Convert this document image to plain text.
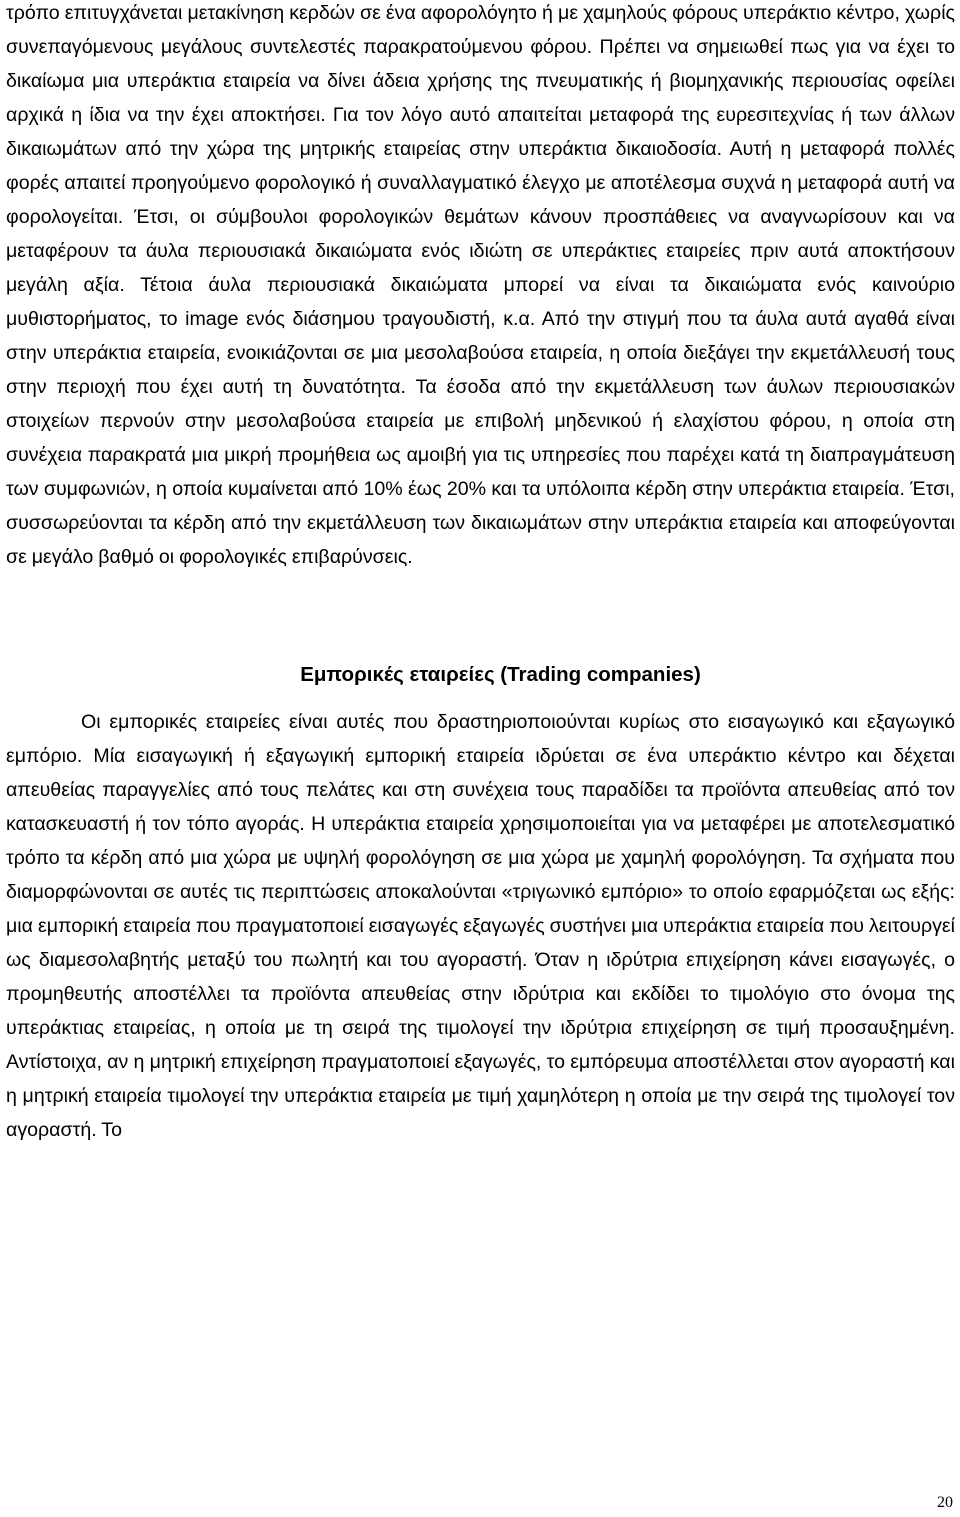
τρόπο επιτυγχάνεται μετακίνηση κερδών σε ένα αφορολόγητο ή με χαμηλούς φόρους υπεράκτιο κέντρο, χωρίς συνεπαγόμενους μεγάλους συντελεστές παρακρατούμενου φόρου. Πρέπει να σημειωθεί πως για να έχει το δικαίωμα μια υπεράκτια εταιρεία να δίνει άδεια χρήσης της πνευματικής ή βιομηχανικής περιουσίας οφείλει αρχικά η ίδια να την έχει αποκτήσει. Για τον λόγο αυτό απαιτείται μεταφορά της ευρεσιτεχνίας ή των άλλων δικαιωμάτων από την χώρα της μητρικής εταιρείας στην υπεράκτια δικαιοδοσία. Αυτή η μεταφορά πολλές φορές απαιτεί προηγούμενο φορολογικό ή συναλλαγματικό έλεγχο με αποτέλεσμα συχνά η μεταφορά αυτή να φορολογείται. Έτσι, οι σύμβουλοι φορολογικών θεμάτων κάνουν προσπάθειες να αναγνωρίσουν και να μεταφέρουν τα άυλα περιουσιακά δικαιώματα ενός ιδιώτη σε υπεράκτιες εταιρείες πριν αυτά αποκτήσουν μεγάλη αξία. Τέτοια άυλα περιουσιακά δικαιώματα μπορεί να είναι τα δικαιώματα ενός καινούριο μυθιστορήματος, το image ενός διάσημου τραγουδιστή, κ.α. Από την στιγμή που τα άυλα αυτά αγαθά είναι στην υπεράκτια εταιρεία, ενοικιάζονται σε μια μεσολαβούσα εταιρεία, η οποία διεξάγει την εκμετάλλευσή τους στην περιοχή που έχει αυτή τη δυνατότητα. Τα έσοδα από την εκμετάλλευση των άυλων περιουσιακών στοιχείων περνούν στην μεσολαβούσα εταιρεία με επιβολή μηδενικού ή ελαχίστου φόρου, η οποία στη συνέχεια παρακρατά μια μικρή προμήθεια ως αμοιβή για τις υπηρεσίες που παρέχει κατά τη διαπραγμάτευση των συμφωνιών, η οποία κυμαίνεται από 10% έως 20% και τα υπόλοιπα κέρδη στην υπεράκτια εταιρεία. Έτσι, συσσωρεύονται τα κέρδη από την εκμετάλλευση των δικαιωμάτων στην υπεράκτια εταιρεία και αποφεύγονται σε μεγάλο βαθμό οι φορολογικές επιβαρύνσεις.

Εμπορικές εταιρείες (Trading companies)

Οι εμπορικές εταιρείες είναι αυτές που δραστηριοποιούνται κυρίως στο εισαγωγικό και εξαγωγικό εμπόριο. Μία εισαγωγική ή εξαγωγική εμπορική εταιρεία ιδρύεται σε ένα υπεράκτιο κέντρο και δέχεται απευθείας παραγγελίες από τους πελάτες και στη συνέχεια τους παραδίδει τα προϊόντα απευθείας από τον κατασκευαστή ή τον τόπο αγοράς. Η υπεράκτια εταιρεία χρησιμοποιείται για να μεταφέρει με αποτελεσματικό τρόπο τα κέρδη από μια χώρα με υψηλή φορολόγηση σε μια χώρα με χαμηλή φορολόγηση. Τα σχήματα που διαμορφώνονται σε αυτές τις περιπτώσεις αποκαλούνται «τριγωνικό εμπόριο» το οποίο εφαρμόζεται ως εξής: μια εμπορική εταιρεία που πραγματοποιεί εισαγωγές εξαγωγές συστήνει μια υπεράκτια εταιρεία που λειτουργεί ως διαμεσολαβητής μεταξύ του πωλητή και του αγοραστή. Όταν η ιδρύτρια επιχείρηση κάνει εισαγωγές, ο προμηθευτής αποστέλλει τα προϊόντα απευθείας στην ιδρύτρια και εκδίδει το τιμολόγιο στο όνομα της υπεράκτιας εταιρείας, η οποία με τη σειρά της τιμολογεί την ιδρύτρια επιχείρηση σε τιμή προσαυξημένη. Αντίστοιχα, αν η μητρική επιχείρηση πραγματοποιεί εξαγωγές, το εμπόρευμα αποστέλλεται στον αγοραστή και η μητρική εταιρεία τιμολογεί την υπεράκτια εταιρεία με τιμή χαμηλότερη η οποία με την σειρά της τιμολογεί τον αγοραστή. Το

20
